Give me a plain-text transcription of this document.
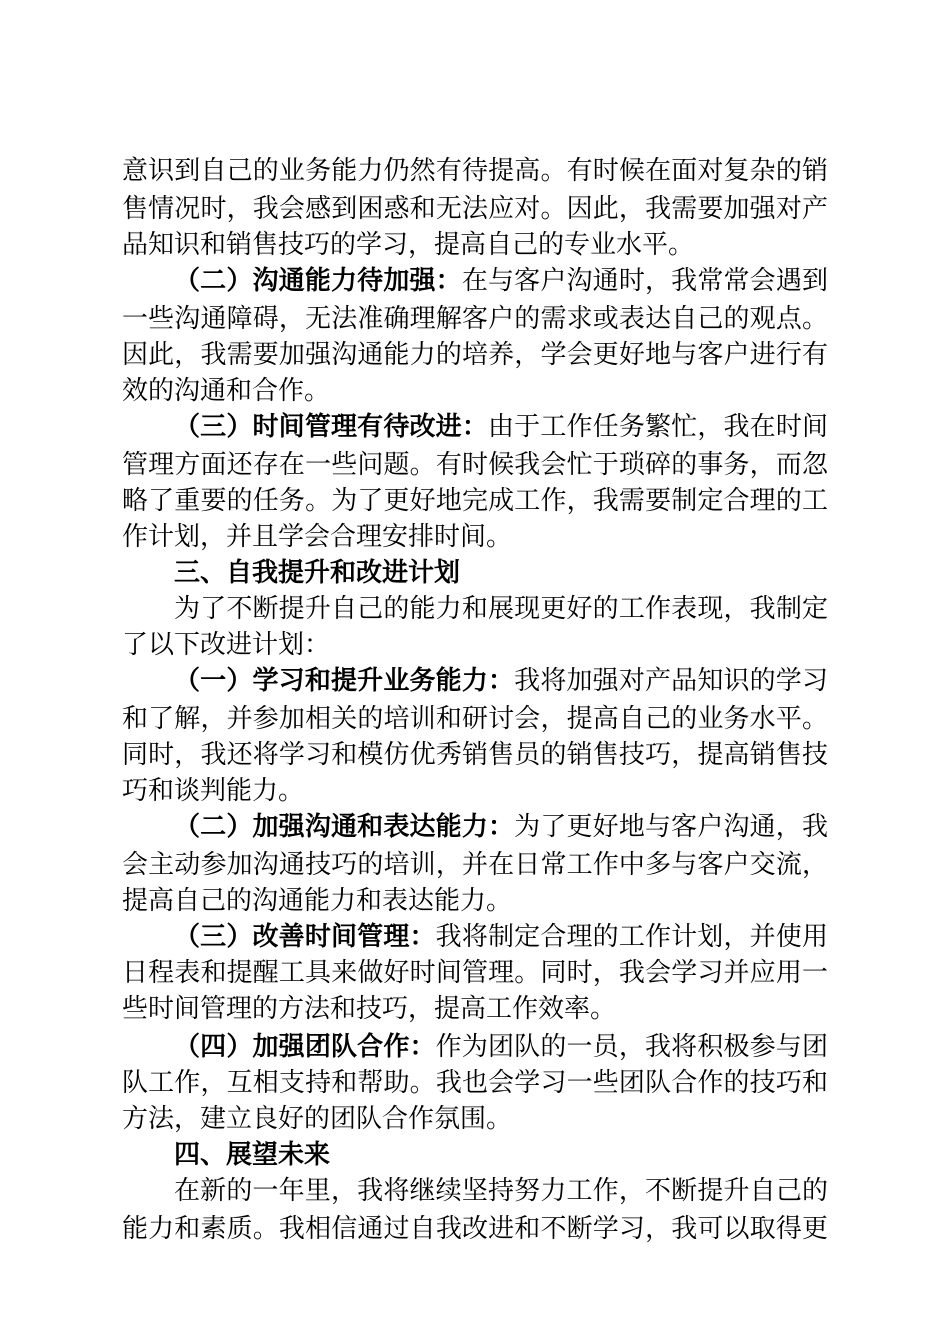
意识到自己的业务能力仍然有待提高。有时候在面对复杂的销
售情况时，我会感到困惑和无法应对。因此，我需要加强对产
品知识和销售技巧的学习，提高自己的专业水平。
（二）沟通能力待加强：在与客户沟通时，我常常会遇到
一些沟通障碍，无法准确理解客户的需求或表达自己的观点。
因此，我需要加强沟通能力的培养，学会更好地与客户进行有
效的沟通和合作。
（三）时间管理有待改进：由于工作任务繁忙，我在时间
管理方面还存在一些问题。有时候我会忙于琐碎的事务，而忽
略了重要的任务。为了更好地完成工作，我需要制定合理的工
作计划，并且学会合理安排时间。
三、自我提升和改进计划
为了不断提升自己的能力和展现更好的工作表现，我制定
了以下改进计划：
（一）学习和提升业务能力：我将加强对产品知识的学习
和了解，并参加相关的培训和研讨会，提高自己的业务水平。
同时，我还将学习和模仿优秀销售员的销售技巧，提高销售技
巧和谈判能力。
（二）加强沟通和表达能力：为了更好地与客户沟通，我
会主动参加沟通技巧的培训，并在日常工作中多与客户交流，
提高自己的沟通能力和表达能力。
（三）改善时间管理：我将制定合理的工作计划，并使用
日程表和提醒工具来做好时间管理。同时，我会学习并应用一
些时间管理的方法和技巧，提高工作效率。
（四）加强团队合作：作为团队的一员，我将积极参与团
队工作，互相支持和帮助。我也会学习一些团队合作的技巧和
方法，建立良好的团队合作氛围。
四、展望未来
在新的一年里，我将继续坚持努力工作，不断提升自己的
能力和素质。我相信通过自我改进和不断学习，我可以取得更
